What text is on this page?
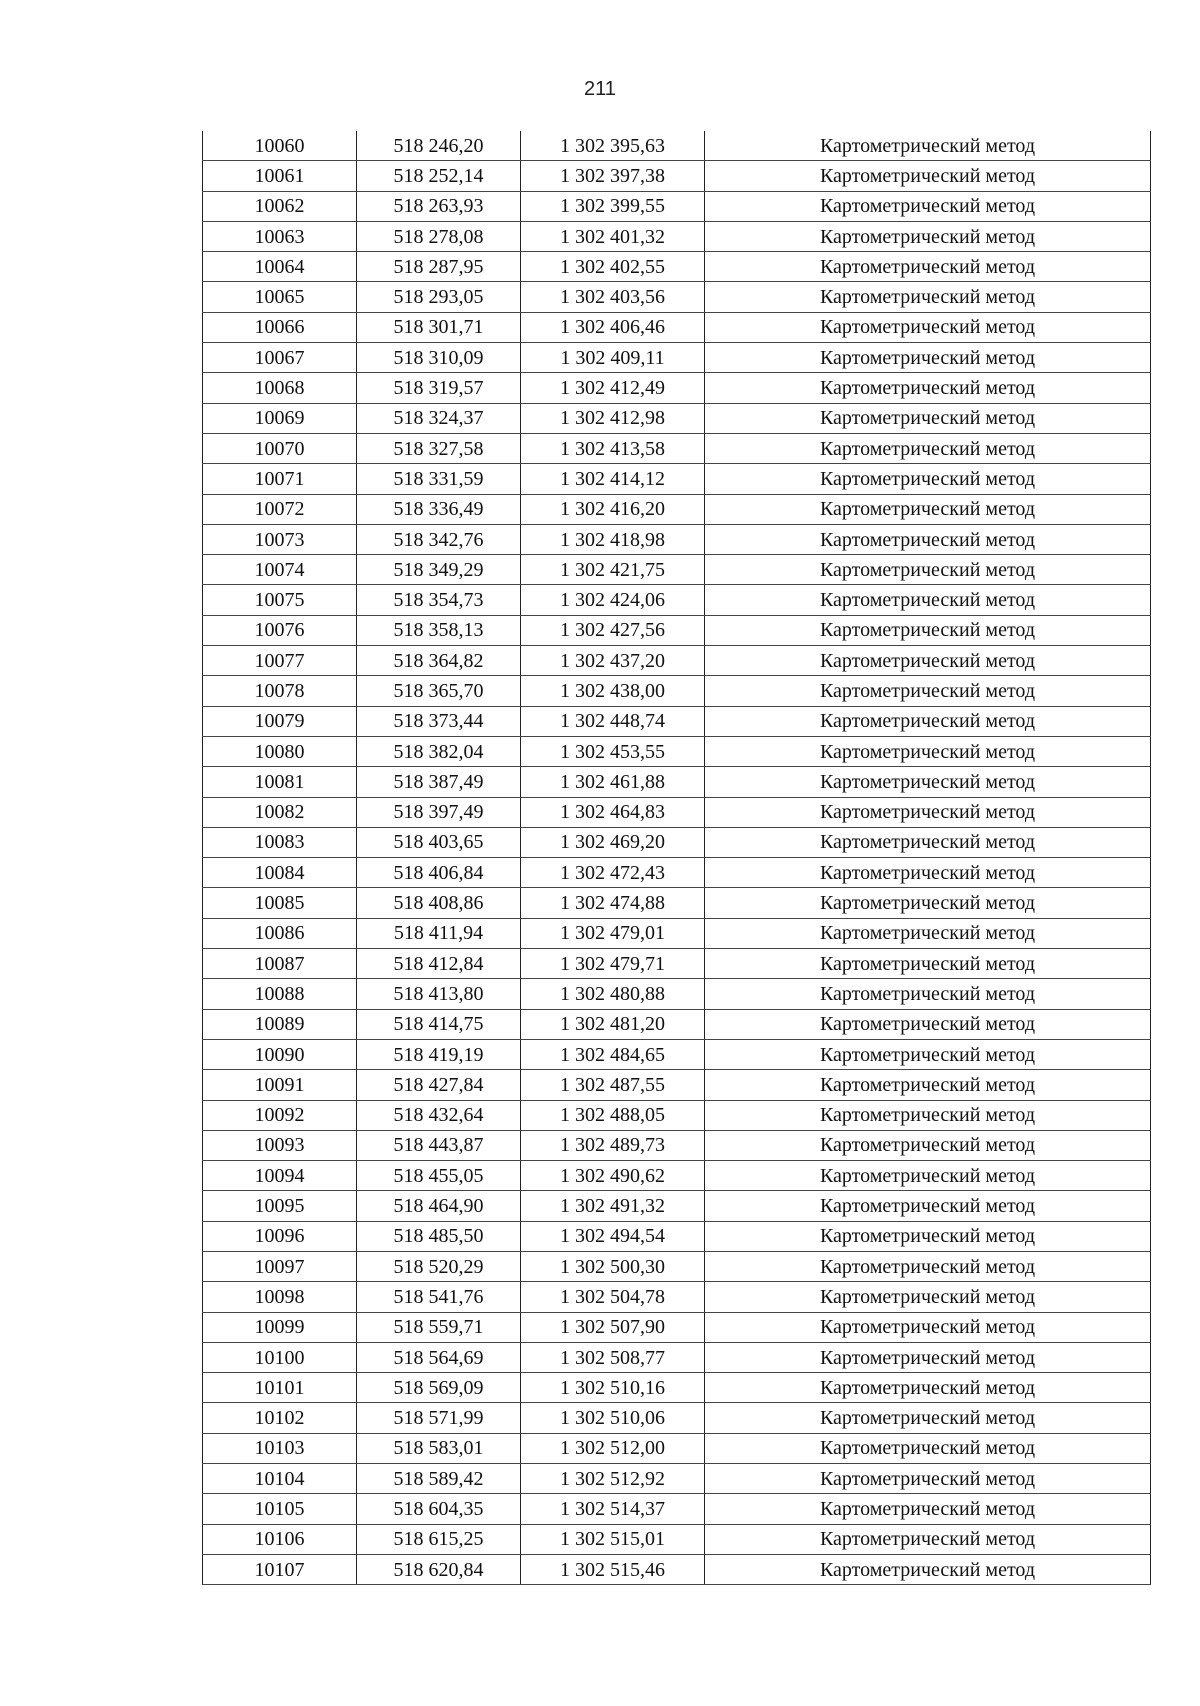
211
10060	518 246,20	1 302 395,63	Картометрический метод
10061	518 252,14	1 302 397,38	Картометрический метод
10062	518 263,93	1 302 399,55	Картометрический метод
10063	518 278,08	1 302 401,32	Картометрический метод
10064	518 287,95	1 302 402,55	Картометрический метод
10065	518 293,05	1 302 403,56	Картометрический метод
10066	518 301,71	1 302 406,46	Картометрический метод
10067	518 310,09	1 302 409,11	Картометрический метод
10068	518 319,57	1 302 412,49	Картометрический метод
10069	518 324,37	1 302 412,98	Картометрический метод
10070	518 327,58	1 302 413,58	Картометрический метод
10071	518 331,59	1 302 414,12	Картометрический метод
10072	518 336,49	1 302 416,20	Картометрический метод
10073	518 342,76	1 302 418,98	Картометрический метод
10074	518 349,29	1 302 421,75	Картометрический метод
10075	518 354,73	1 302 424,06	Картометрический метод
10076	518 358,13	1 302 427,56	Картометрический метод
10077	518 364,82	1 302 437,20	Картометрический метод
10078	518 365,70	1 302 438,00	Картометрический метод
10079	518 373,44	1 302 448,74	Картометрический метод
10080	518 382,04	1 302 453,55	Картометрический метод
10081	518 387,49	1 302 461,88	Картометрический метод
10082	518 397,49	1 302 464,83	Картометрический метод
10083	518 403,65	1 302 469,20	Картометрический метод
10084	518 406,84	1 302 472,43	Картометрический метод
10085	518 408,86	1 302 474,88	Картометрический метод
10086	518 411,94	1 302 479,01	Картометрический метод
10087	518 412,84	1 302 479,71	Картометрический метод
10088	518 413,80	1 302 480,88	Картометрический метод
10089	518 414,75	1 302 481,20	Картометрический метод
10090	518 419,19	1 302 484,65	Картометрический метод
10091	518 427,84	1 302 487,55	Картометрический метод
10092	518 432,64	1 302 488,05	Картометрический метод
10093	518 443,87	1 302 489,73	Картометрический метод
10094	518 455,05	1 302 490,62	Картометрический метод
10095	518 464,90	1 302 491,32	Картометрический метод
10096	518 485,50	1 302 494,54	Картометрический метод
10097	518 520,29	1 302 500,30	Картометрический метод
10098	518 541,76	1 302 504,78	Картометрический метод
10099	518 559,71	1 302 507,90	Картометрический метод
10100	518 564,69	1 302 508,77	Картометрический метод
10101	518 569,09	1 302 510,16	Картометрический метод
10102	518 571,99	1 302 510,06	Картометрический метод
10103	518 583,01	1 302 512,00	Картометрический метод
10104	518 589,42	1 302 512,92	Картометрический метод
10105	518 604,35	1 302 514,37	Картометрический метод
10106	518 615,25	1 302 515,01	Картометрический метод
10107	518 620,84	1 302 515,46	Картометрический метод
